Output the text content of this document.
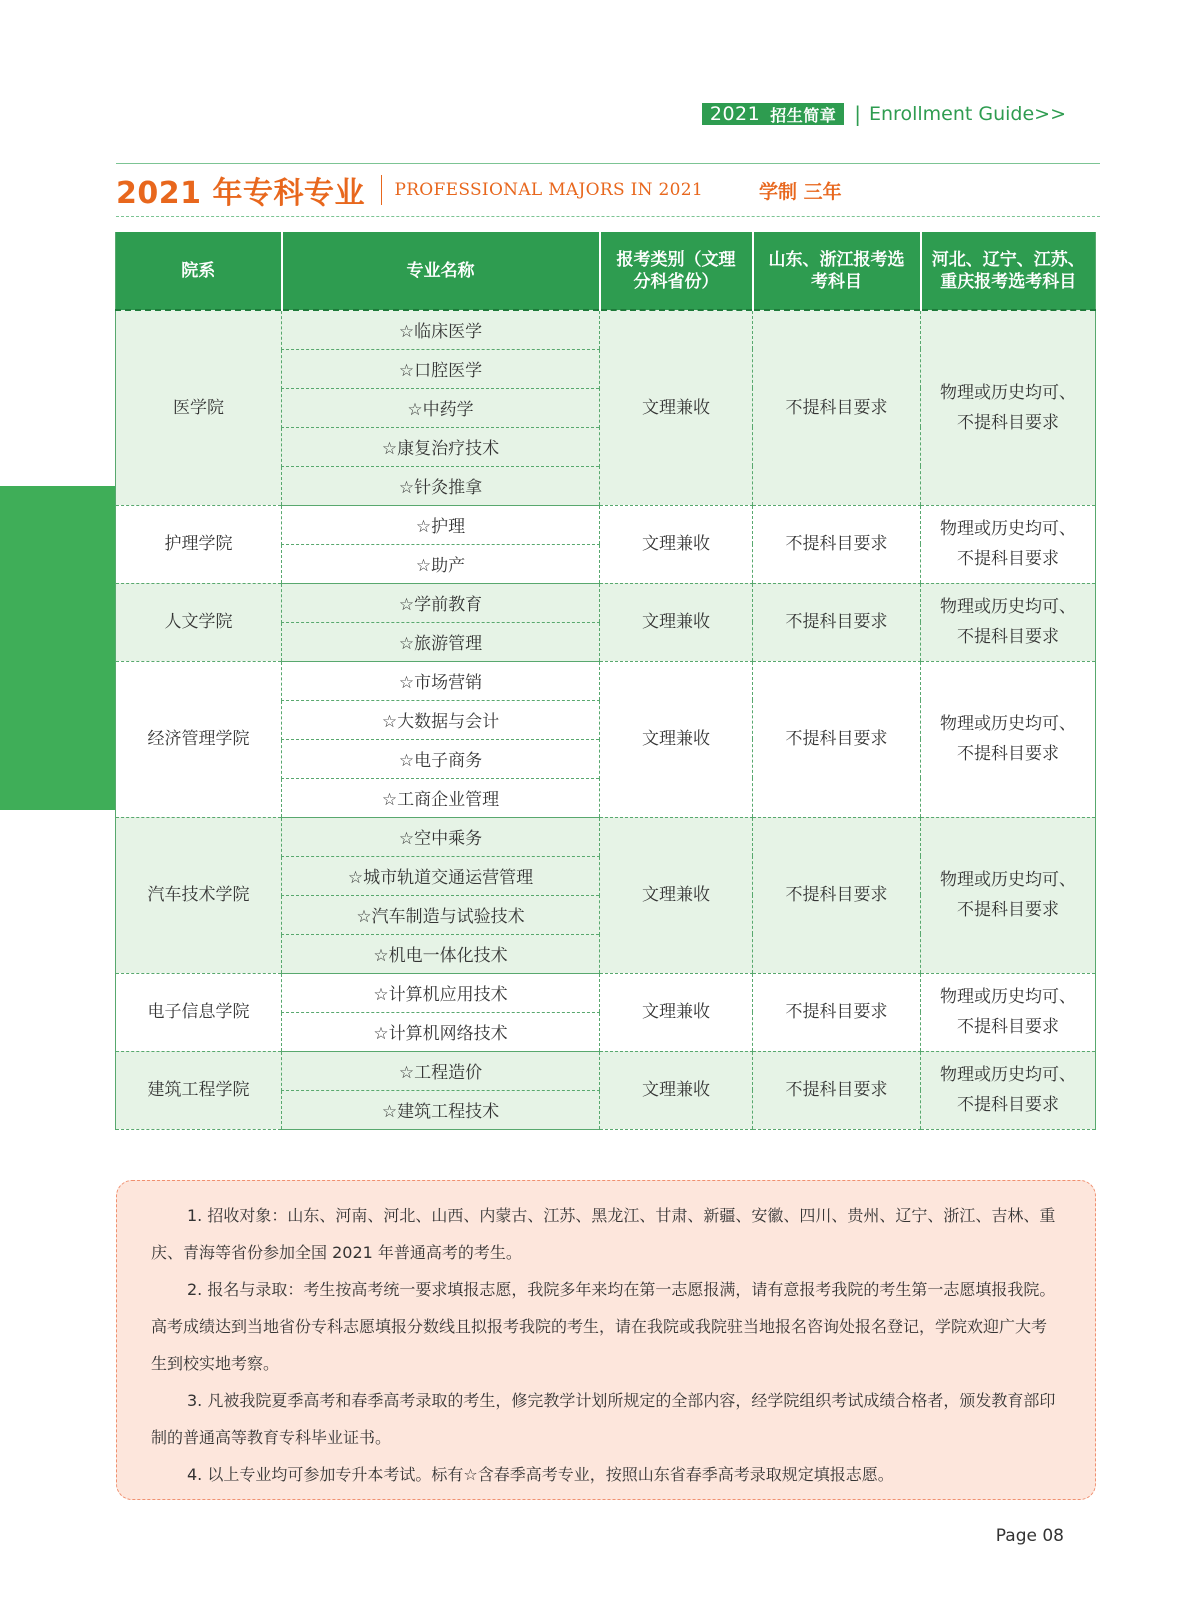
2021 招生简章 | Enrollment Guide>>
2021 年专科专业 PROFESSIONAL MAJORS IN 2021	学制 三年
院系	专业名称	报考类别（文理分科省份）	山东、浙江报考选考科目	河北、辽宁、江苏、重庆报考选考科目
医学院	☆临床医学	文理兼收	不提科目要求	物理或历史均可、不提科目要求
	☆口腔医学			
	☆中药学			
	☆康复治疗技术			
	☆针灸推拿			
护理学院	☆护理	文理兼收	不提科目要求	物理或历史均可、不提科目要求
	☆助产			
人文学院	☆学前教育	文理兼收	不提科目要求	物理或历史均可、不提科目要求
	☆旅游管理			
经济管理学院	☆市场营销	文理兼收	不提科目要求	物理或历史均可、不提科目要求
	☆大数据与会计			
	☆电子商务			
	☆工商企业管理			
汽车技术学院	☆空中乘务	文理兼收	不提科目要求	物理或历史均可、不提科目要求
	☆城市轨道交通运营管理			
	☆汽车制造与试验技术			
	☆机电一体化技术			
电子信息学院	☆计算机应用技术	文理兼收	不提科目要求	物理或历史均可、不提科目要求
	☆计算机网络技术			
建筑工程学院	☆工程造价	文理兼收	不提科目要求	物理或历史均可、不提科目要求
	☆建筑工程技术			

1. 招收对象：山东、河南、河北、山西、内蒙古、江苏、黑龙江、甘肃、新疆、安徽、四川、贵州、辽宁、浙江、吉林、重庆、青海等省份参加全国 2021 年普通高考的考生。

2. 报名与录取：考生按高考统一要求填报志愿，我院多年来均在第一志愿报满，请有意报考我院的考生第一志愿填报我院。高考成绩达到当地省份专科志愿填报分数线且拟报考我院的考生，请在我院或我院驻当地报名咨询处报名登记，学院欢迎广大考生到校实地考察。

3. 凡被我院夏季高考和春季高考录取的考生，修完教学计划所规定的全部内容，经学院组织考试成绩合格者，颁发教育部印制的普通高等教育专科毕业证书。

4. 以上专业均可参加专升本考试。标有☆含春季高考专业，按照山东省春季高考录取规定填报志愿。

Page 08
